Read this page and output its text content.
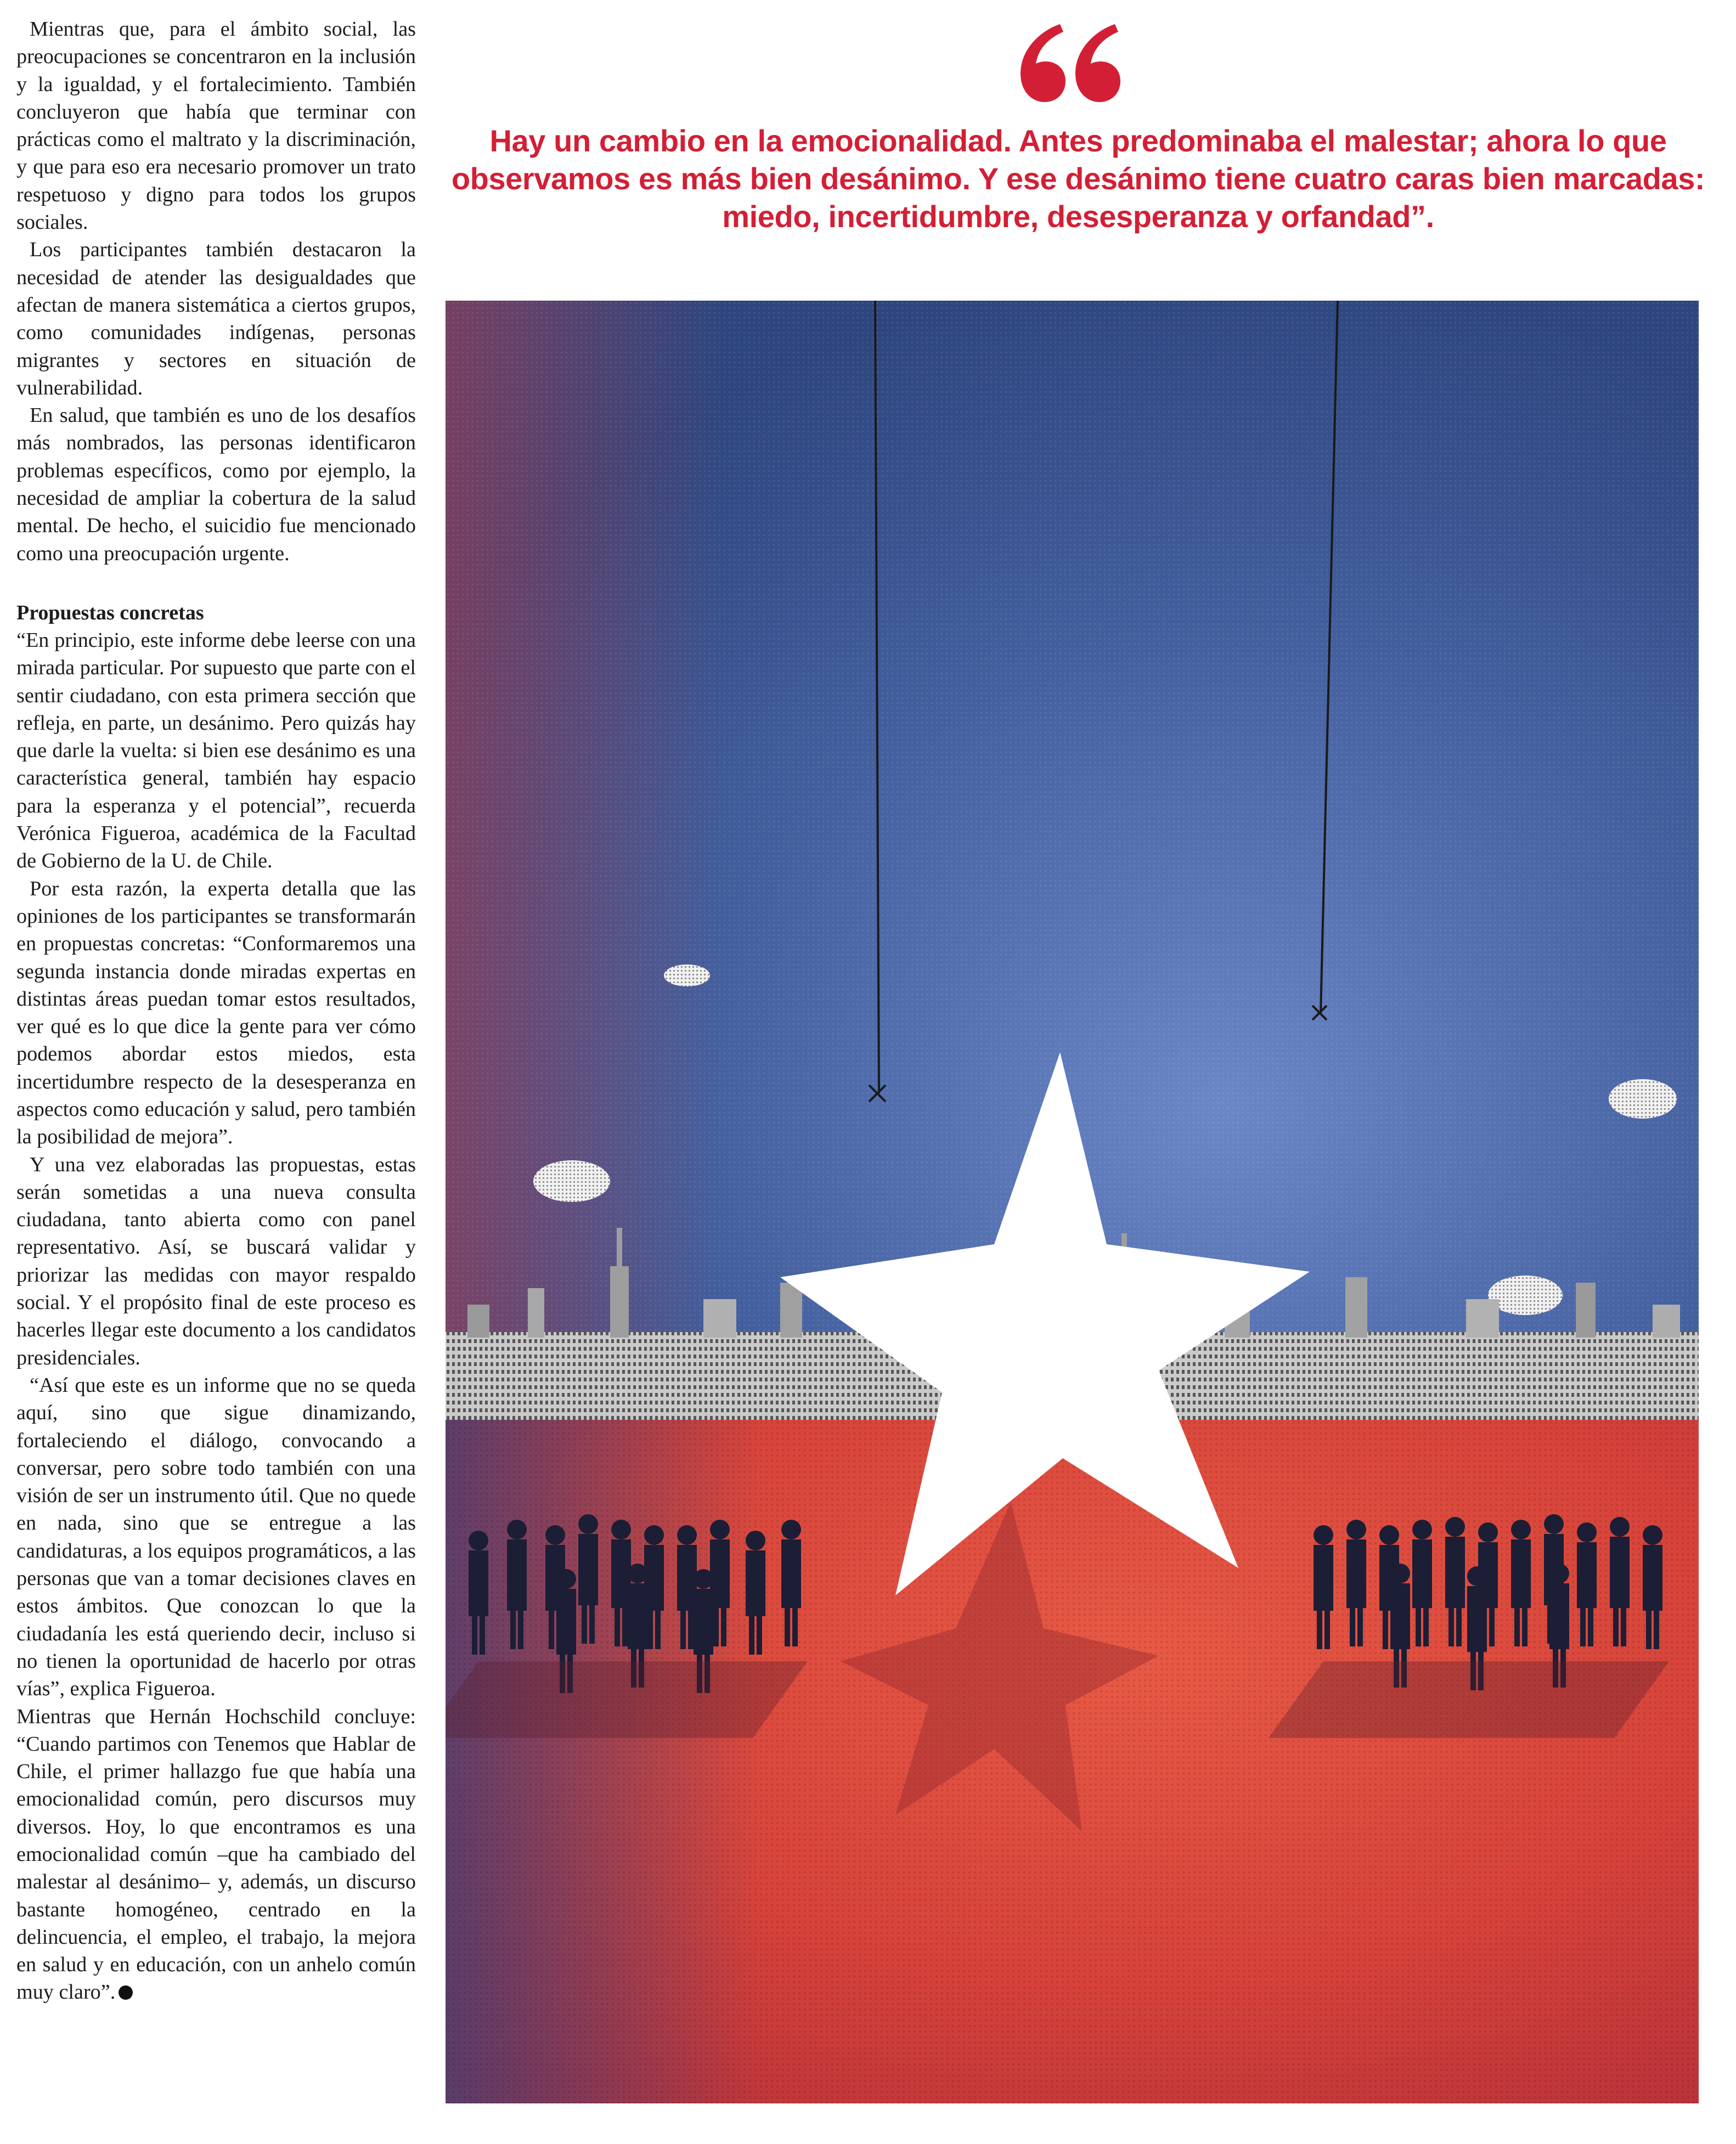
Mientras que, para el ámbito social, las preocupaciones se concentraron en la inclusión y la igualdad, y el fortalecimiento. También concluyeron que había que terminar con prácticas como el maltrato y la discriminación, y que para eso era necesario promover un trato respetuoso y digno para todos los grupos sociales.

Los participantes también destacaron la necesidad de atender las desigualdades que afectan de manera sistemática a ciertos grupos, como comunidades indígenas, personas migrantes y sectores en situación de vulnerabilidad.

En salud, que también es uno de los desafíos más nombrados, las personas identificaron problemas específicos, como por ejemplo, la necesidad de ampliar la cobertura de la salud mental. De hecho, el suicidio fue mencionado como una preocupación urgente.

Propuestas concretas

“En principio, este informe debe leerse con una mirada particular. Por supuesto que parte con el sentir ciudadano, con esta primera sección que refleja, en parte, un desánimo. Pero quizás hay que darle la vuelta: si bien ese desánimo es una característica general, también hay espacio para la esperanza y el potencial”, recuerda Verónica Figueroa, académica de la Facultad de Gobierno de la U. de Chile.

Por esta razón, la experta detalla que las opiniones de los participantes se transformarán en propuestas concretas: “Conformaremos una segunda instancia donde miradas expertas en distintas áreas puedan tomar estos resultados, ver qué es lo que dice la gente para ver cómo podemos abordar estos miedos, esta incertidumbre respecto de la desesperanza en aspectos como educación y salud, pero también la posibilidad de mejora”.

Y una vez elaboradas las propuestas, estas serán sometidas a una nueva consulta ciudadana, tanto abierta como con panel representativo. Así, se buscará validar y priorizar las medidas con mayor respaldo social. Y el propósito final de este proceso es hacerles llegar este documento a los candidatos presidenciales.

“Así que este es un informe que no se queda aquí, sino que sigue dinamizando, fortaleciendo el diálogo, convocando a conversar, pero sobre todo también con una visión de ser un instrumento útil. Que no quede en nada, sino que se entregue a las candidaturas, a los equipos programáticos, a las personas que van a tomar decisiones claves en estos ámbitos. Que conozcan lo que la ciudadanía les está queriendo decir, incluso si no tienen la oportunidad de hacerlo por otras vías”, explica Figueroa.

Mientras que Hernán Hochschild concluye: “Cuando partimos con Tenemos que Hablar de Chile, el primer hallazgo fue que había una emocionalidad común, pero discursos muy diversos. Hoy, lo que encontramos es una emocionalidad común –que ha cambiado del malestar al desánimo– y, además, un discurso bastante homogéneo, centrado en la delincuencia, el empleo, el trabajo, la mejora en salud y en educación, con un anhelo común muy claro”.

Hay un cambio en la emocionalidad. Antes predominaba el malestar; ahora lo que observamos es más bien desánimo. Y ese desánimo tiene cuatro caras bien marcadas: miedo, incertidumbre, desesperanza y orfandad”.
